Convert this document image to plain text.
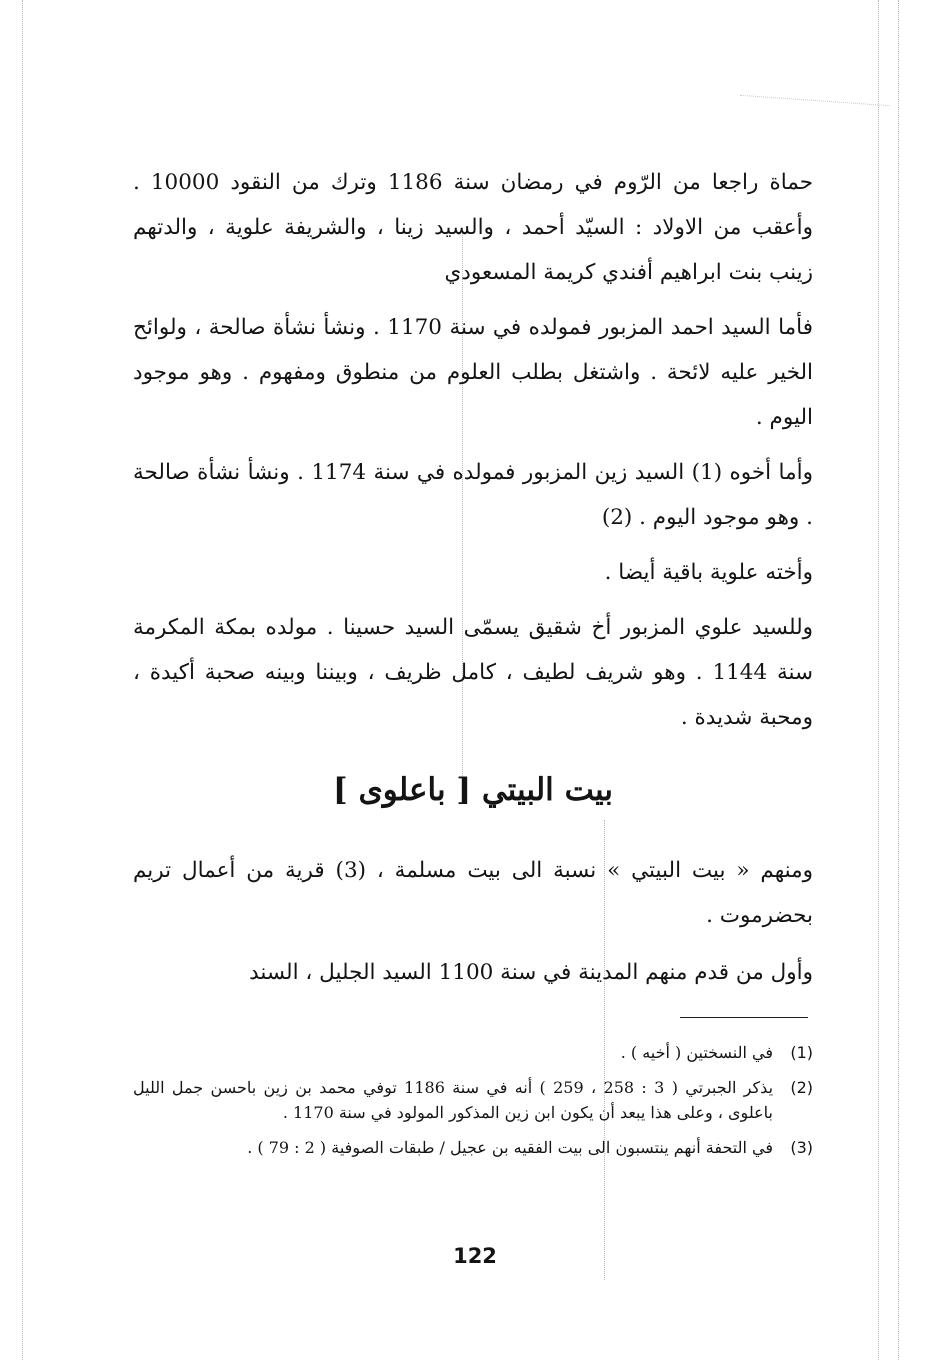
حماة راجعا من الرّوم في رمضان سنة 1186 وترك من النقود 10000 . وأعقب من الاولاد : السيّد أحمد ، والسيد زينا ، والشريفة علوية ، والدتهم زينب بنت ابراهيم أفندي كريمة المسعودي

فأما السيد احمد المزبور فمولده في سنة 1170 . ونشأ نشأة صالحة ، ولوائح الخير عليه لائحة . واشتغل بطلب العلوم من منطوق ومفهوم . وهو موجود اليوم .

وأما أخوه (1) السيد زين المزبور فمولده في سنة 1174 . ونشأ نشأة صالحة . وهو موجود اليوم . (2)

وأخته علوية باقية أيضا .

وللسيد علوي المزبور أخ شقيق يسمّى السيد حسينا . مولده بمكة المكرمة سنة 1144 . وهو شريف لطيف ، كامل ظريف ، وبيننا وبينه صحبة أكيدة ، ومحبة شديدة .

بيت البيتي [ باعلوى ]

ومنهم « بيت البيتي » نسبة الى بيت مسلمة ، (3) قرية من أعمال تريم بحضرموت .

وأول من قدم منهم المدينة في سنة 1100 السيد الجليل ، السند

(1)
في النسختين ( أخيه ) .
(2)
يذكر الجبرتي ( 3 : 258 ، 259 ) أنه في سنة 1186 توفي محمد بن زين باحسن جمل الليل باعلوى ، وعلى هذا يبعد أن يكون ابن زين المذكور المولود في سنة 1170 .
(3)
في التحفة أنهم ينتسبون الى بيت الفقيه بن عجيل / طبقات الصوفية ( 2 : 79 ) .
122
